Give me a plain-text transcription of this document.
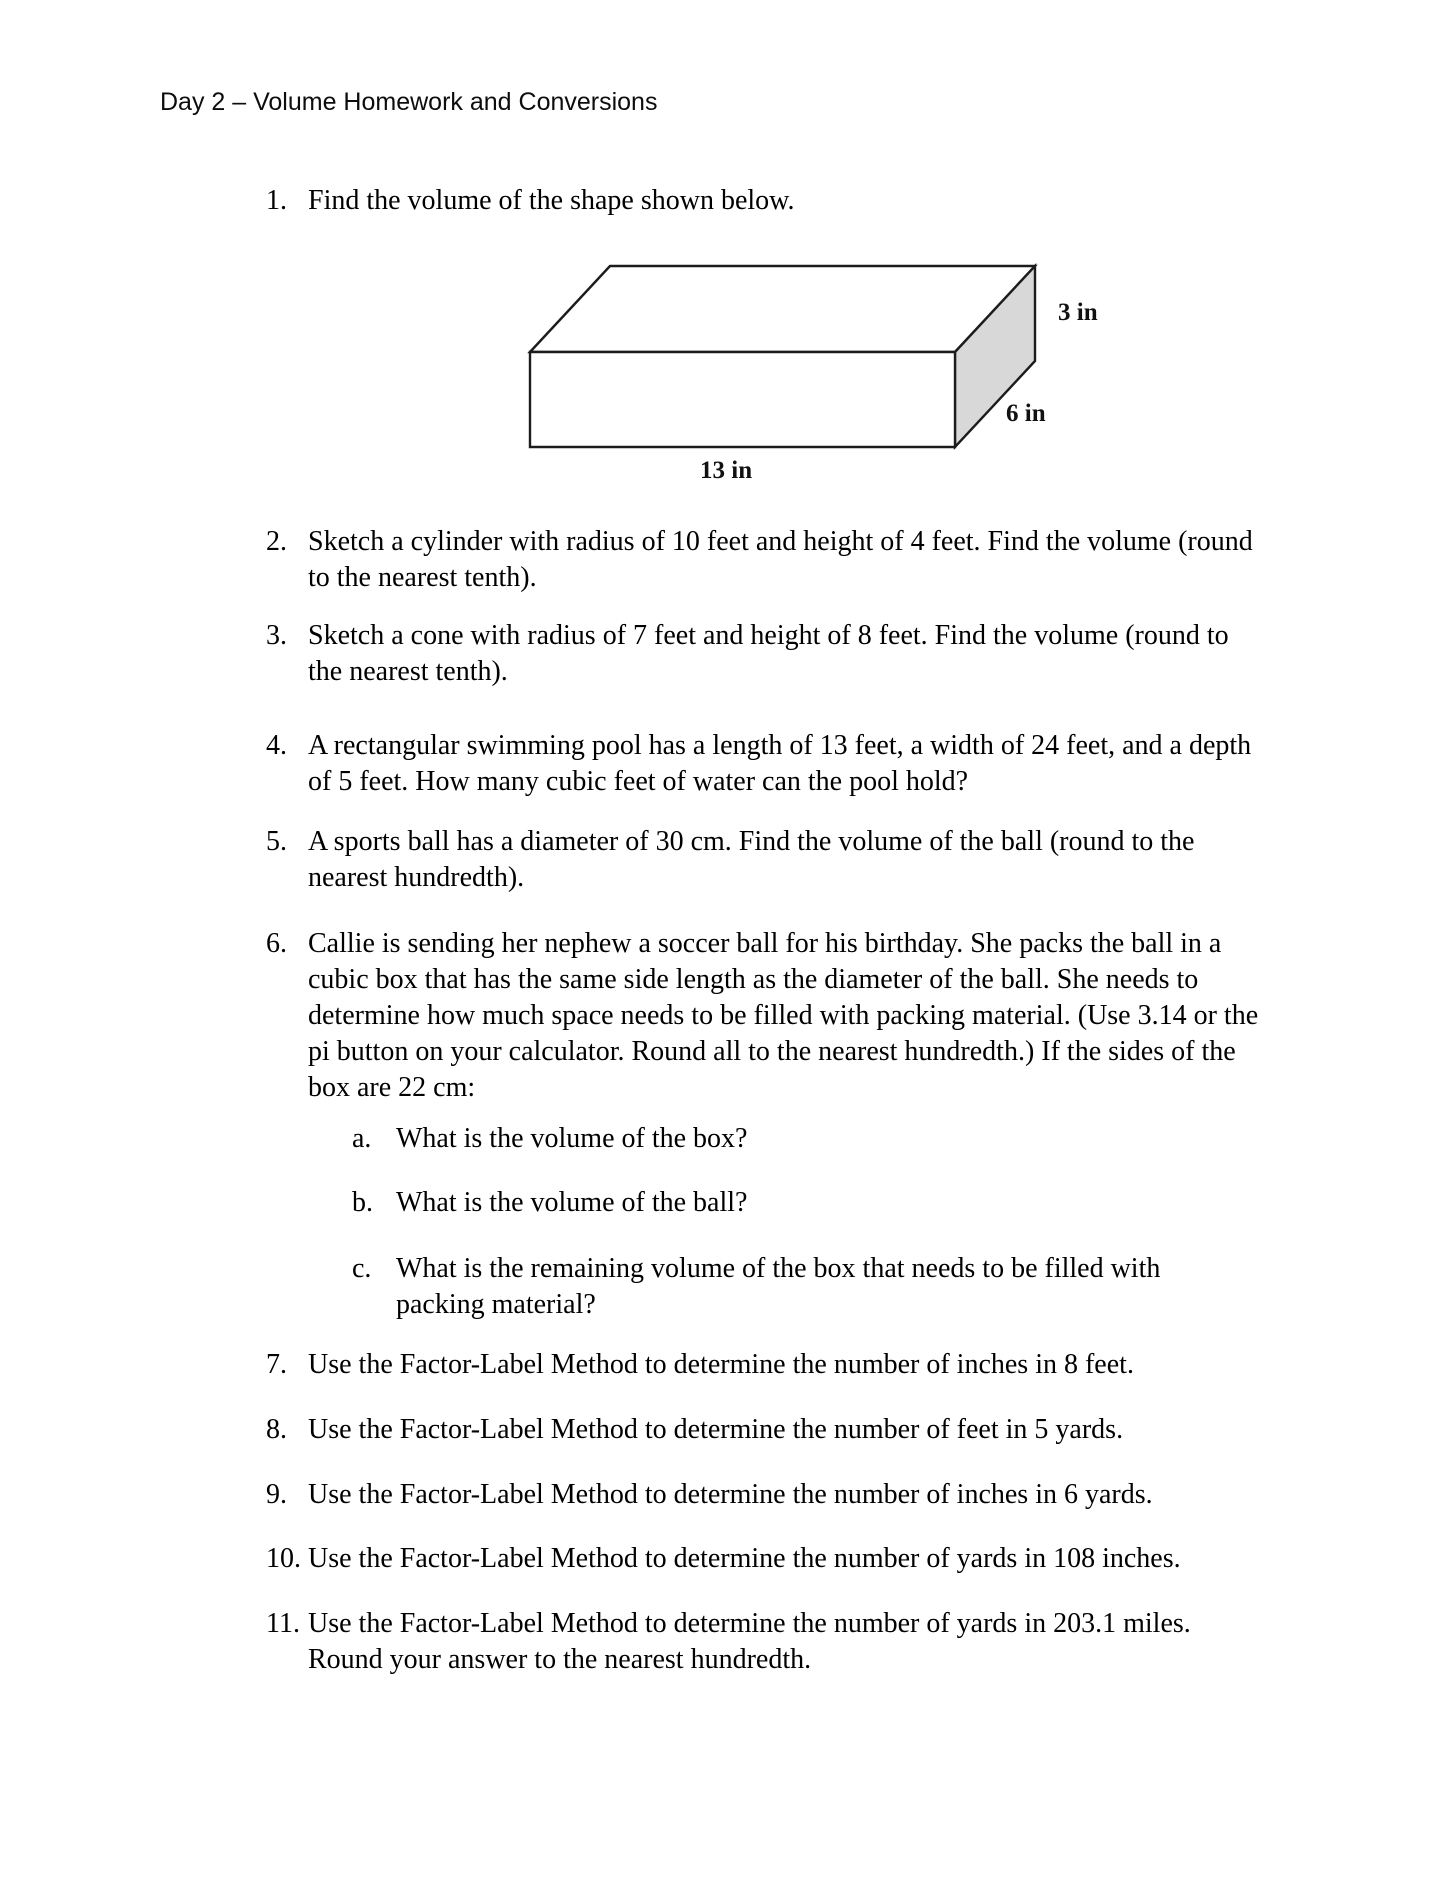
Day 2 – Volume Homework and Conversions
1. Find the volume of the shape shown below.
3 in
6 in
13 in
2. Sketch a cylinder with radius of 10 feet and height of 4 feet. Find the volume (round to the nearest tenth).
3. Sketch a cone with radius of 7 feet and height of 8 feet. Find the volume (round to the nearest tenth).
4. A rectangular swimming pool has a length of 13 feet, a width of 24 feet, and a depth of 5 feet. How many cubic feet of water can the pool hold?
5. A sports ball has a diameter of 30 cm. Find the volume of the ball (round to the nearest hundredth).
6. Callie is sending her nephew a soccer ball for his birthday. She packs the ball in a cubic box that has the same side length as the diameter of the ball. She needs to determine how much space needs to be filled with packing material. (Use 3.14 or the pi button on your calculator. Round all to the nearest hundredth.) If the sides of the box are 22 cm:
a. What is the volume of the box?
b. What is the volume of the ball?
c. What is the remaining volume of the box that needs to be filled with packing material?
7. Use the Factor-Label Method to determine the number of inches in 8 feet.
8. Use the Factor-Label Method to determine the number of feet in 5 yards.
9. Use the Factor-Label Method to determine the number of inches in 6 yards.
10. Use the Factor-Label Method to determine the number of yards in 108 inches.
11. Use the Factor-Label Method to determine the number of yards in 203.1 miles. Round your answer to the nearest hundredth.
